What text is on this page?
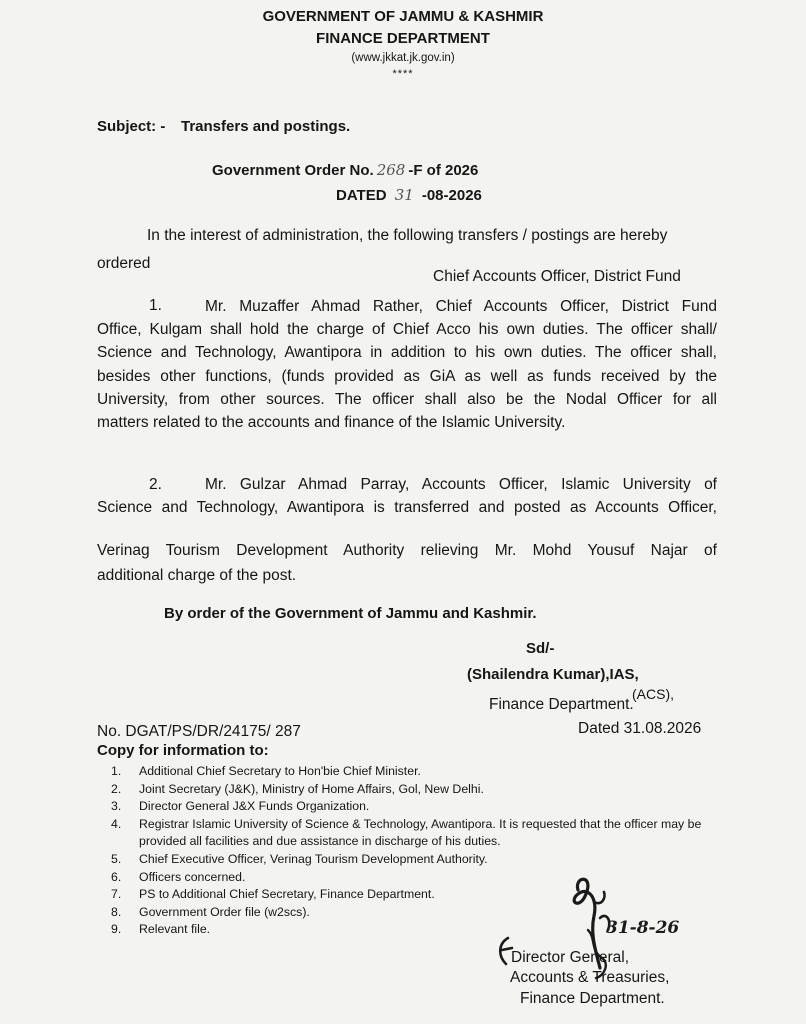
GOVERNMENT OF JAMMU & KASHMIR
FINANCE DEPARTMENT
(www.jkkat.jk.gov.in)
****
Subject: - Transfers and postings.
Government Order No. 268 -F of 2026
DATED 31 -08-2026
In the interest of administration, the following transfers / postings are hereby
ordered
Chief Accounts Officer, District Fund
1.	Mr. Muzaffer Ahmad Rather, Chief Accounts Officer, District Fund
Office, Kulgam shall hold the charge of Chief Acco his own duties. The officer shall/
Science and Technology, Awantipora in addition to his own duties. The officer shall,
besides other functions, (funds provided as GiA as well as funds received by the
University, from other sources. The officer shall also be the Nodal Officer for all
matters related to the accounts and finance of the Islamic University.
2.	Mr. Gulzar Ahmad Parray, Accounts Officer, Islamic University of
Science and Technology, Awantipora is transferred and posted as Accounts Officer,
Verinag Tourism Development Authority relieving Mr. Mohd Yousuf Najar of
additional charge of the post.
By order of the Government of Jammu and Kashmir.
Sd/-
(Shailendra Kumar),IAS,
(ACS),
Finance Department.
No. DGAT/PS/DR/24175/ 287	Dated 31.08.2026
Copy for information to:
1. Additional Chief Secretary to Hon'bie Chief Minister.
2. Joint Secretary (J&K), Ministry of Home Affairs, Gol, New Delhi.
3. Director General J&X Funds Organization.
4. Registrar Islamic University of Science & Technology, Awantipora. It is requested that the officer may be
provided all facilities and due assistance in discharge of his duties.
5. Chief Executive Officer, Verinag Tourism Development Authority.
6. Officers concerned.
7. PS to Additional Chief Secretary, Finance Department.
8. Government Order file (w2scs).
9. Relevant file.	31-8-26
Director General,
Accounts & Treasuries,
Finance Department.
